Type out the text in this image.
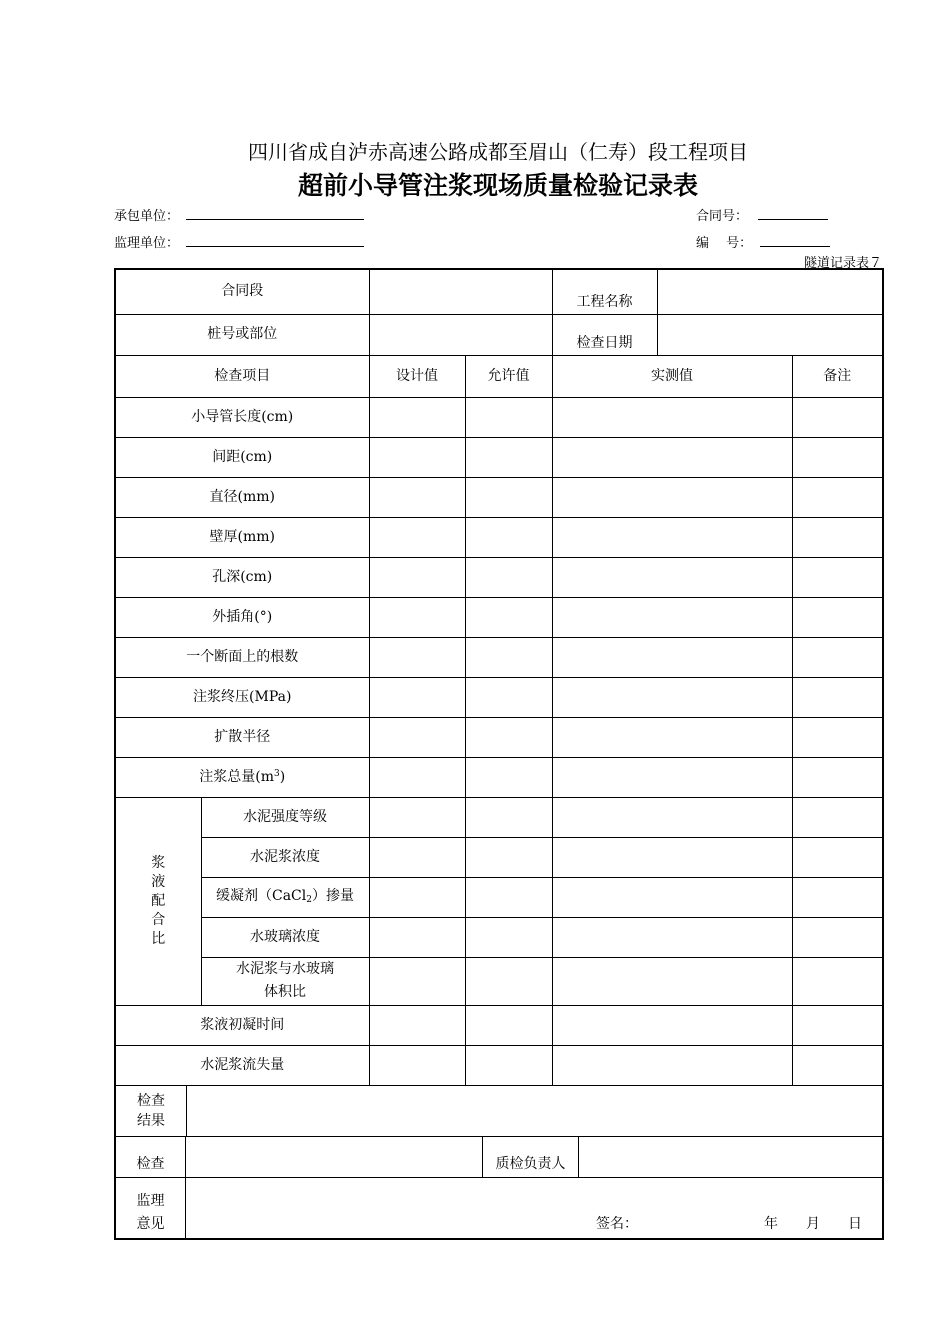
四川省成自泸赤高速公路成都至眉山（仁寿）段工程项目
超前小导管注浆现场质量检验记录表
承包单位：	合同号：
监理单位：	编　 号：
隧道记录表７
合同段				工程名称		
桩号或部位				检查日期		
检查项目		设计值	允许值	实测值		备注
小导管长度(cm)						
间距(cm)						
直径(mm)						
壁厚(mm)						
孔深(cm)						
外插角(°)						
一个断面上的根数						
注浆终压(MPa)						
扩散半径						
注浆总量$(m^3)$						
浆
液
配
合
比	水泥强度等级					
	水泥浆浓度					
	缓凝剂（CaCl$_2$）掺量					
	水玻璃浓度					
	水泥浆与水玻璃
体积比					
浆液初凝时间						
水泥浆流失量						

检查
结果						

检查 质检负责人						

监理
意见 签名： 年　　月　　日						
